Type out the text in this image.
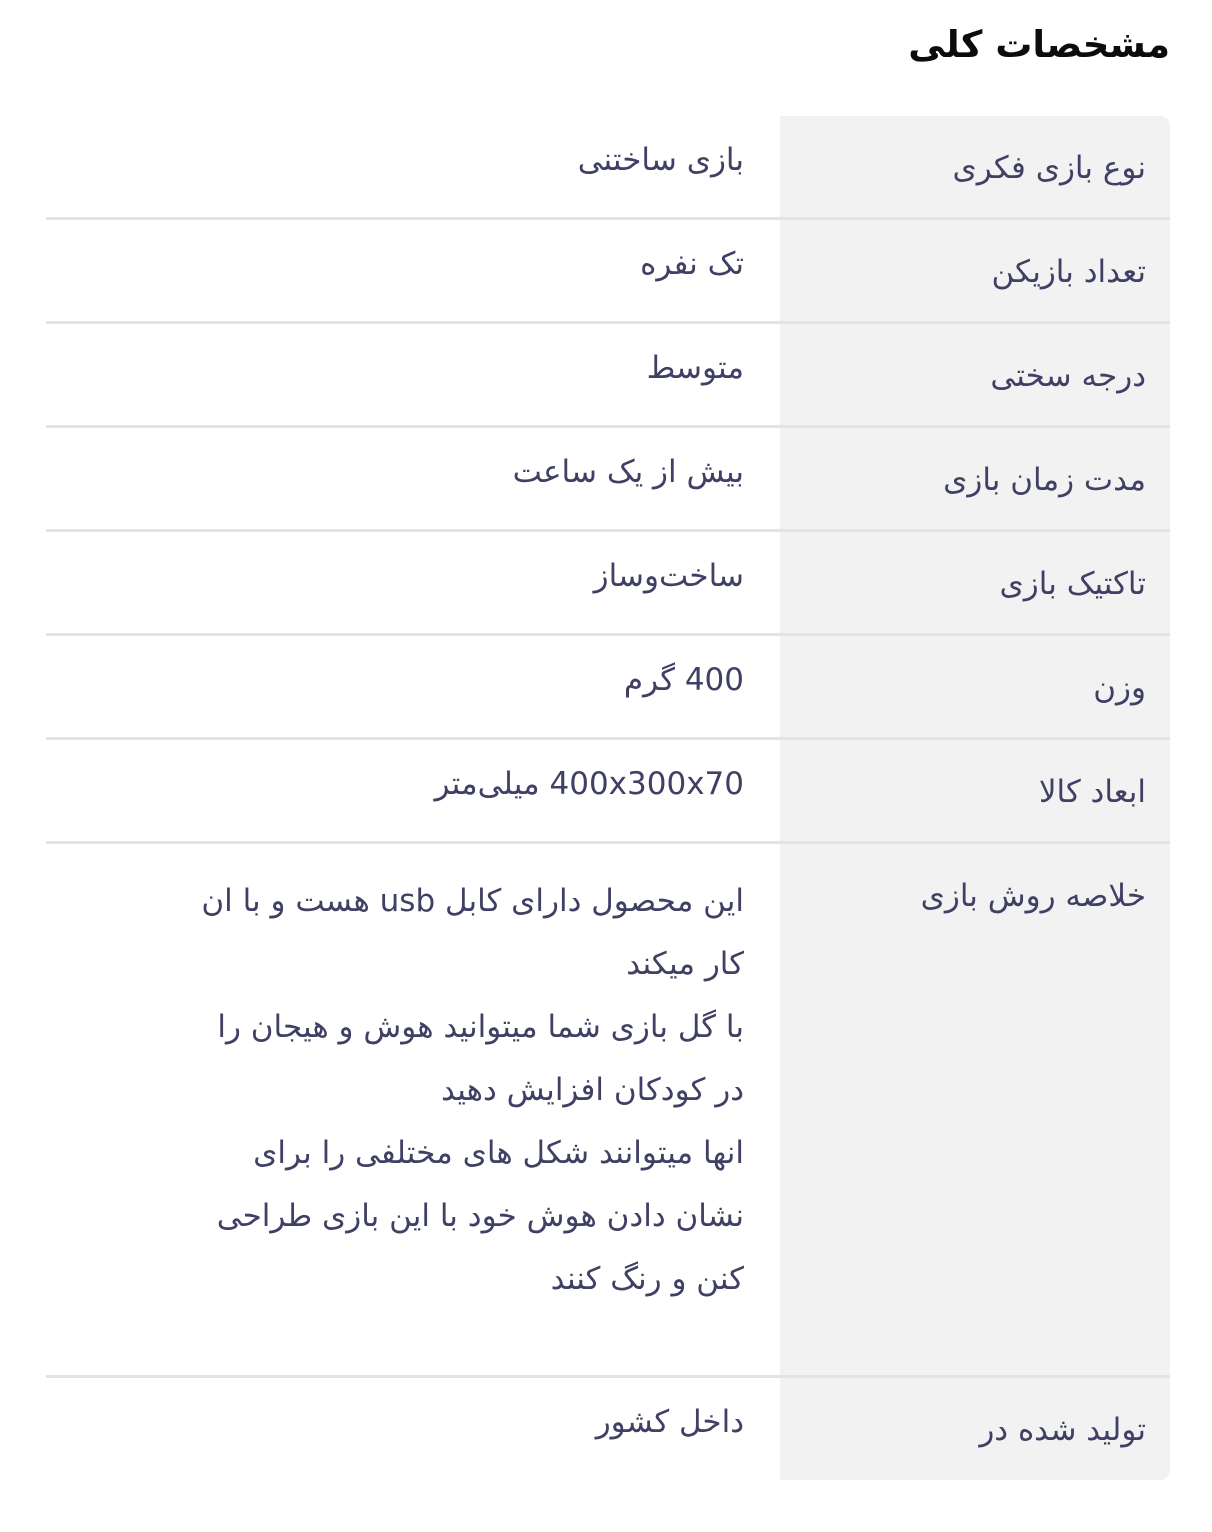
مشخصات کلی
نوع بازی فکری
بازی ساختنی
تعداد بازیکن
تک نفره
درجه سختی
متوسط
مدت زمان بازی
بیش از یک ساعت
تاکتیک بازی
ساخت‌وساز
وزن
400 گرم
ابعاد کالا
400x300x70 میلی‌متر
خلاصه روش بازی
این محصول دارای کابل usb هست و با ان
کار میکند
با گل بازی شما میتوانید هوش و هیجان را
در کودکان افزایش دهید
انها میتوانند شکل های مختلفی را برای
نشان دادن هوش خود با این بازی طراحی
کنن و رنگ کنند
تولید شده در
داخل کشور
